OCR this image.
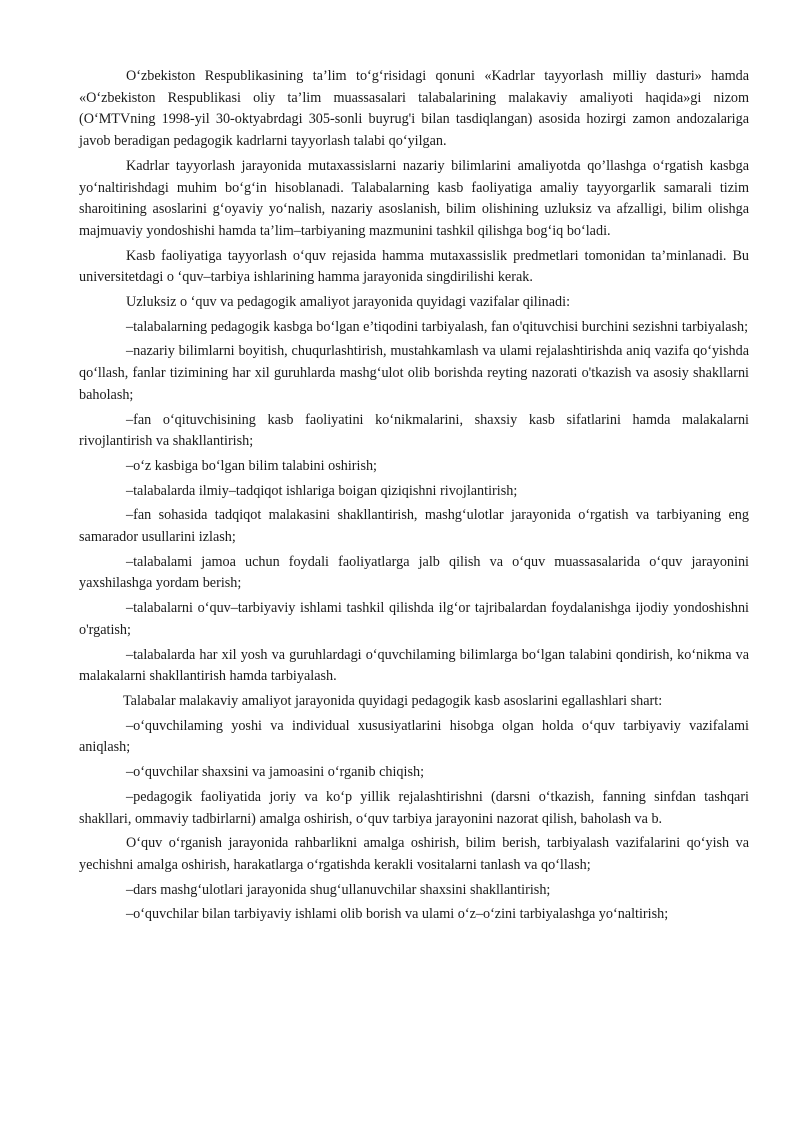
O‘zbekiston Respublikasining ta’lim to‘g‘risidagi qonuni «Kadrlar tayyorlash milliy dasturi» hamda «O‘zbekiston Respublikasi oliy ta’lim muassasalari talabalarining malakaviy amaliyoti haqida»gi nizom (O‘MTVning 1998-yil 30-oktyabrdagi 305-sonli buyrug'i bilan tasdiqlangan) asosida hozirgi zamon andozalariga javob beradigan pedagogik kadrlarni tayyorlash talabi qo‘yilgan.

Kadrlar tayyorlash jarayonida mutaxassislarni nazariy bilimlarini amaliyotda qo’llashga o‘rgatish kasbga yo‘naltirishdagi muhim bo‘g‘in hisoblanadi. Talabalarning kasb faoliyatiga amaliy tayyorgarlik samarali tizim sharoitining asoslarini g‘oyaviy yo‘nalish, nazariy asoslanish, bilim olishining uzluksiz va afzalligi, bilim olishga majmuaviy yondoshishi hamda ta’lim–tarbiyaning mazmunini tashkil qilishga bog‘iq bo‘ladi.

Kasb faoliyatiga tayyorlash o‘quv rejasida hamma mutaxassislik predmetlari tomonidan ta’minlanadi. Bu universitetdagi o ‘quv–tarbiya ishlarining hamma jarayonida singdirilishi kerak.

Uzluksiz o ‘quv va pedagogik amaliyot jarayonida quyidagi vazifalar qilinadi:

–talabalarning pedagogik kasbga bo‘lgan e’tiqodini tarbiyalash, fan o'qituvchisi burchini sezishni tarbiyalash;

–nazariy bilimlarni boyitish, chuqurlashtirish, mustahkamlash va ulami rejalashtirishda aniq vazifa qo‘yishda qo‘llash, fanlar tizimining har xil guruhlarda mashg‘ulot olib borishda reyting nazorati o'tkazish va asosiy shakllarni baholash;

–fan o‘qituvchisining kasb faoliyatini ko‘nikmalarini, shaxsiy kasb sifatlarini hamda malakalarni rivojlantirish va shakllantirish;

–o‘z kasbiga bo‘lgan bilim talabini oshirish;

–talabalarda ilmiy–tadqiqot ishlariga boigan qiziqishni rivojlantirish;

–fan sohasida tadqiqot malakasini shakllantirish, mashg‘ulotlar jarayonida o‘rgatish va tarbiyaning eng samarador usullarini izlash;

–talabalami jamoa uchun foydali faoliyatlarga jalb qilish va o‘quv muassasalarida o‘quv jarayonini yaxshilashga yordam berish;

–talabalarni o‘quv–tarbiyaviy ishlami tashkil qilishda ilg‘or tajribalardan foydalanishga ijodiy yondoshishni o'rgatish;

–talabalarda har xil yosh va guruhlardagi o‘quvchilaming bilimlarga bo‘lgan talabini qondirish, ko‘nikma va malakalarni shakllantirish hamda tarbiyalash.

Talabalar malakaviy amaliyot jarayonida quyidagi pedagogik kasb asoslarini egallashlari shart:

–o‘quvchilaming yoshi va individual xususiyatlarini hisobga olgan holda o‘quv tarbiyaviy vazifalami aniqlash;

–o‘quvchilar shaxsini va jamoasini o‘rganib chiqish;

–pedagogik faoliyatida joriy va ko‘p yillik rejalashtirishni (darsni o‘tkazish, fanning sinfdan tashqari shakllari, ommaviy tadbirlarni) amalga oshirish, o‘quv tarbiya jarayonini nazorat qilish, baholash va b.

O‘quv o‘rganish jarayonida rahbarlikni amalga oshirish, bilim berish, tarbiyalash vazifalarini qo‘yish va yechishni amalga oshirish, harakatlarga o‘rgatishda kerakli vositalarni tanlash va qo‘llash;

–dars mashg‘ulotlari jarayonida shug‘ullanuvchilar shaxsini shakllantirish;

–o‘quvchilar bilan tarbiyaviy ishlami olib borish va ulami o‘z–o‘zini tarbiyalashga yo‘naltirish;
